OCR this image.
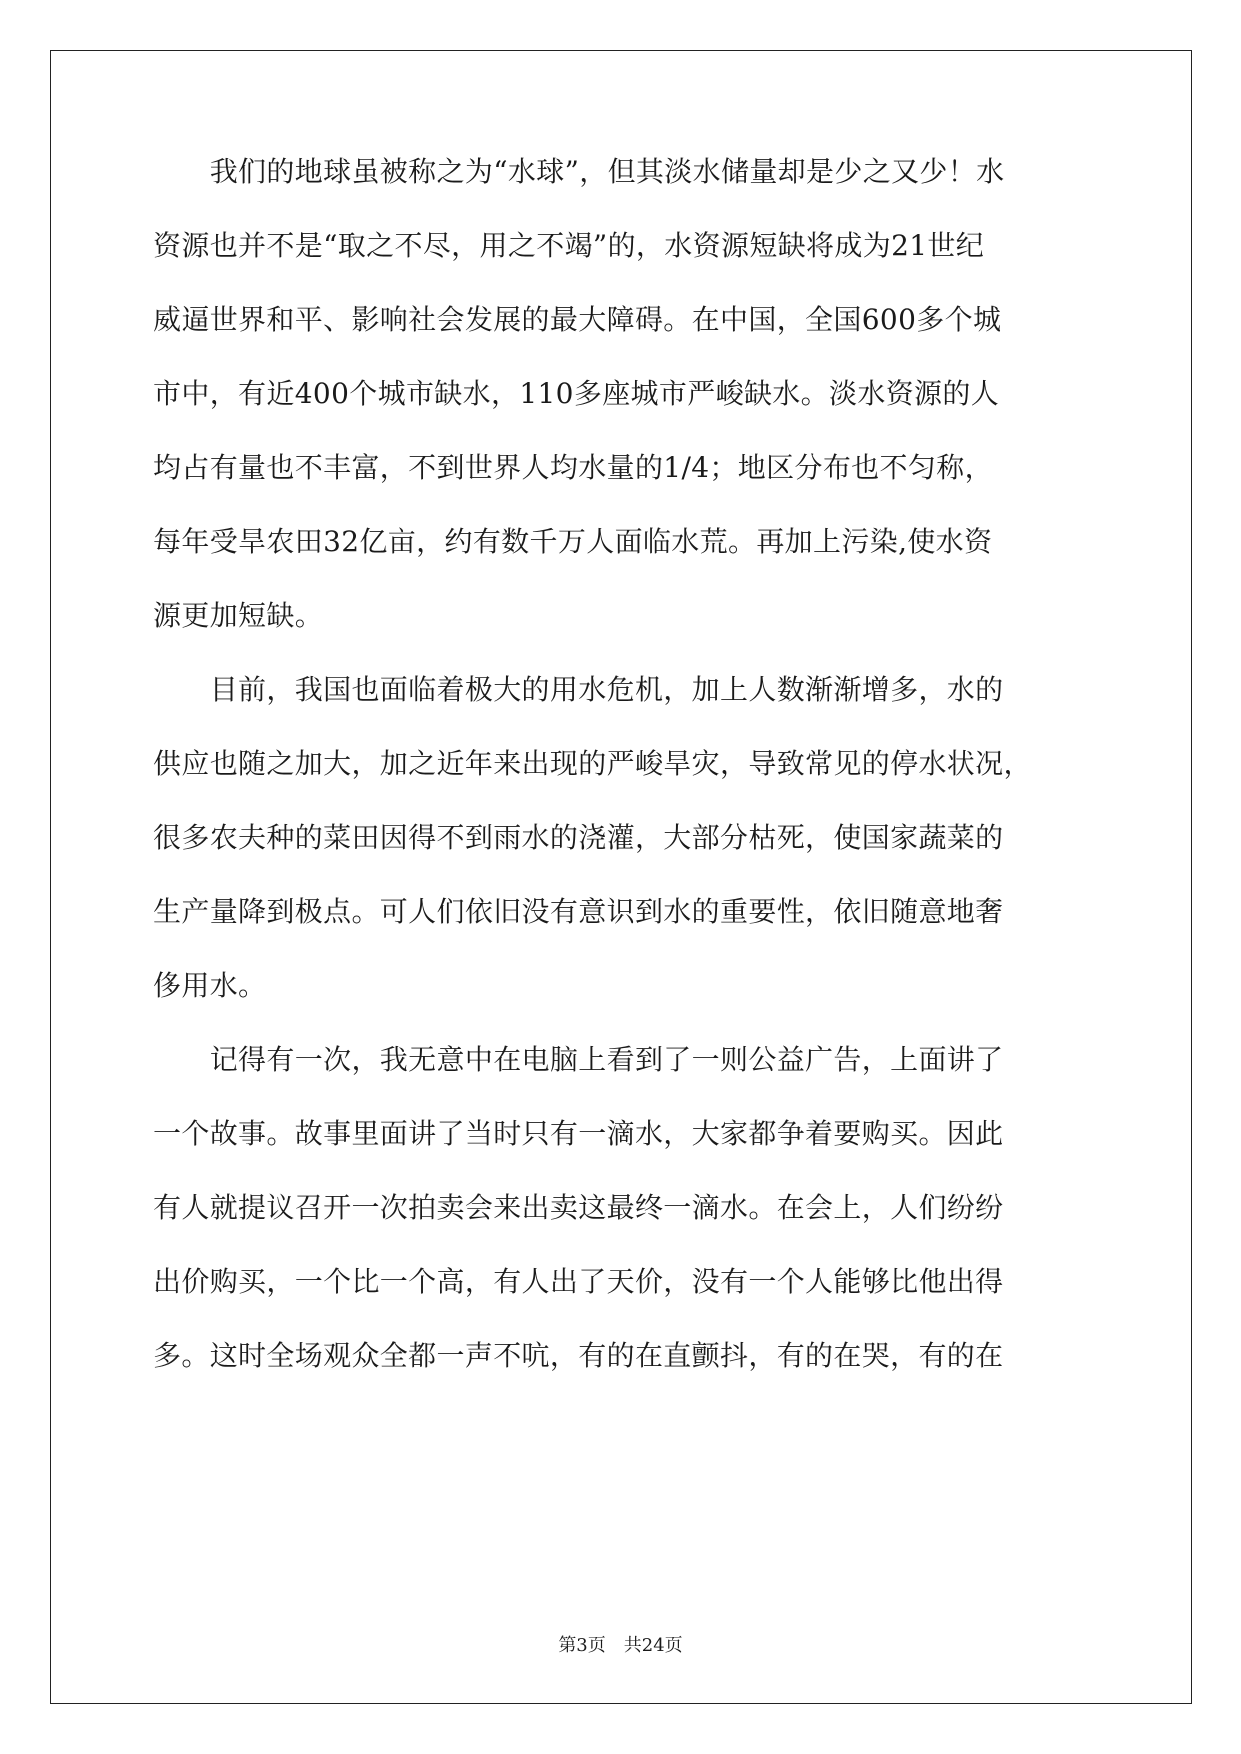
　　我们的地球虽被称之为“水球”，但其淡水储量却是少之又少！水
资源也并不是“取之不尽，用之不竭”的，水资源短缺将成为21世纪
威逼世界和平、影响社会发展的最大障碍。在中国，全国600多个城
市中，有近400个城市缺水，110多座城市严峻缺水。淡水资源的人
均占有量也不丰富，不到世界人均水量的1/4；地区分布也不匀称，
每年受旱农田32亿亩，约有数千万人面临水荒。再加上污染,使水资
源更加短缺。
　　目前，我国也面临着极大的用水危机，加上人数渐渐增多，水的
供应也随之加大，加之近年来出现的严峻旱灾，导致常见的停水状况，
很多农夫种的菜田因得不到雨水的浇灌，大部分枯死，使国家蔬菜的
生产量降到极点。可人们依旧没有意识到水的重要性，依旧随意地奢
侈用水。
　　记得有一次，我无意中在电脑上看到了一则公益广告，上面讲了
一个故事。故事里面讲了当时只有一滴水，大家都争着要购买。因此
有人就提议召开一次拍卖会来出卖这最终一滴水。在会上，人们纷纷
出价购买，一个比一个高，有人出了天价，没有一个人能够比他出得
多。这时全场观众全都一声不吭，有的在直颤抖，有的在哭，有的在
第3页　共24页
